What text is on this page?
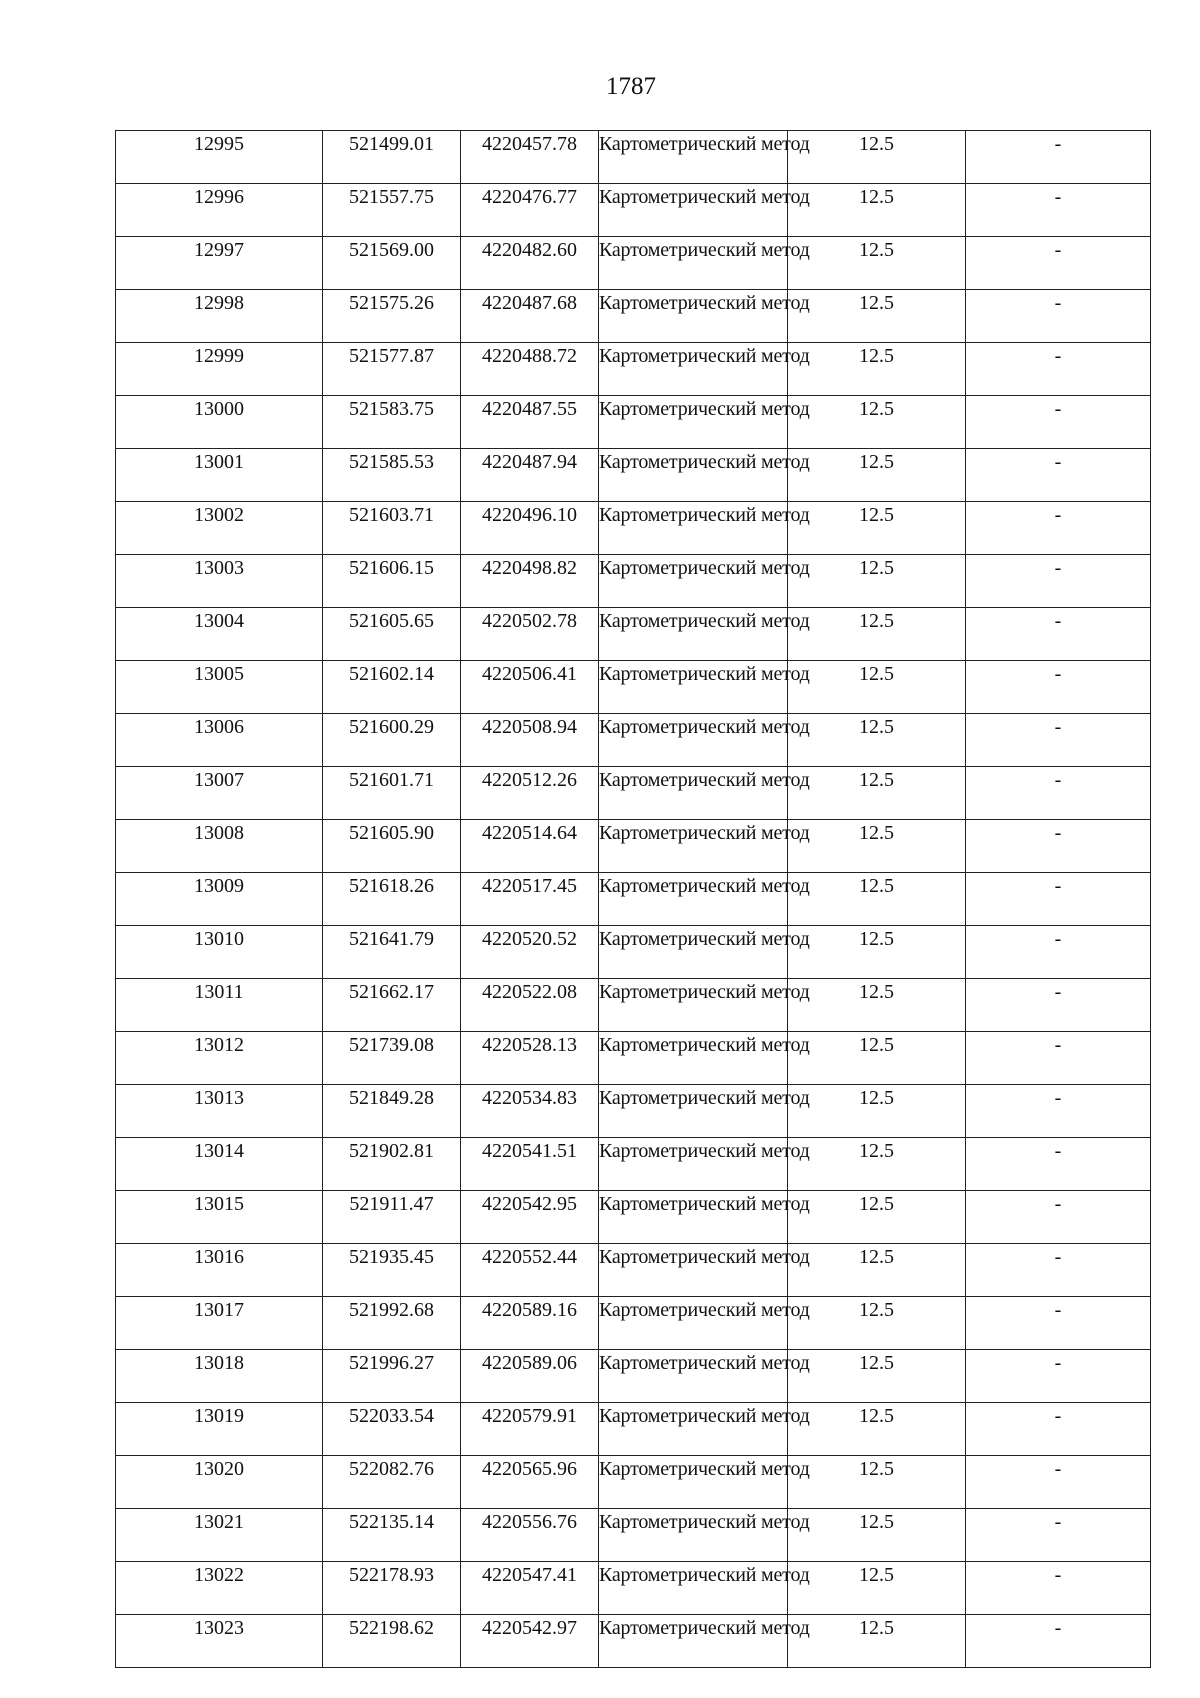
1787
12995	521499.01	4220457.78	Картометрический метод	12.5	-

12996	521557.75	4220476.77	Картометрический метод	12.5	-

12997	521569.00	4220482.60	Картометрический метод	12.5	-

12998	521575.26	4220487.68	Картометрический метод	12.5	-

12999	521577.87	4220488.72	Картометрический метод	12.5	-

13000	521583.75	4220487.55	Картометрический метод	12.5	-

13001	521585.53	4220487.94	Картометрический метод	12.5	-

13002	521603.71	4220496.10	Картометрический метод	12.5	-

13003	521606.15	4220498.82	Картометрический метод	12.5	-

13004	521605.65	4220502.78	Картометрический метод	12.5	-

13005	521602.14	4220506.41	Картометрический метод	12.5	-

13006	521600.29	4220508.94	Картометрический метод	12.5	-

13007	521601.71	4220512.26	Картометрический метод	12.5	-

13008	521605.90	4220514.64	Картометрический метод	12.5	-

13009	521618.26	4220517.45	Картометрический метод	12.5	-

13010	521641.79	4220520.52	Картометрический метод	12.5	-

13011	521662.17	4220522.08	Картометрический метод	12.5	-

13012	521739.08	4220528.13	Картометрический метод	12.5	-

13013	521849.28	4220534.83	Картометрический метод	12.5	-

13014	521902.81	4220541.51	Картометрический метод	12.5	-

13015	521911.47	4220542.95	Картометрический метод	12.5	-

13016	521935.45	4220552.44	Картометрический метод	12.5	-

13017	521992.68	4220589.16	Картометрический метод	12.5	-

13018	521996.27	4220589.06	Картометрический метод	12.5	-

13019	522033.54	4220579.91	Картометрический метод	12.5	-

13020	522082.76	4220565.96	Картометрический метод	12.5	-

13021	522135.14	4220556.76	Картометрический метод	12.5	-

13022	522178.93	4220547.41	Картометрический метод	12.5	-

13023	522198.62	4220542.97	Картометрический метод	12.5	-
